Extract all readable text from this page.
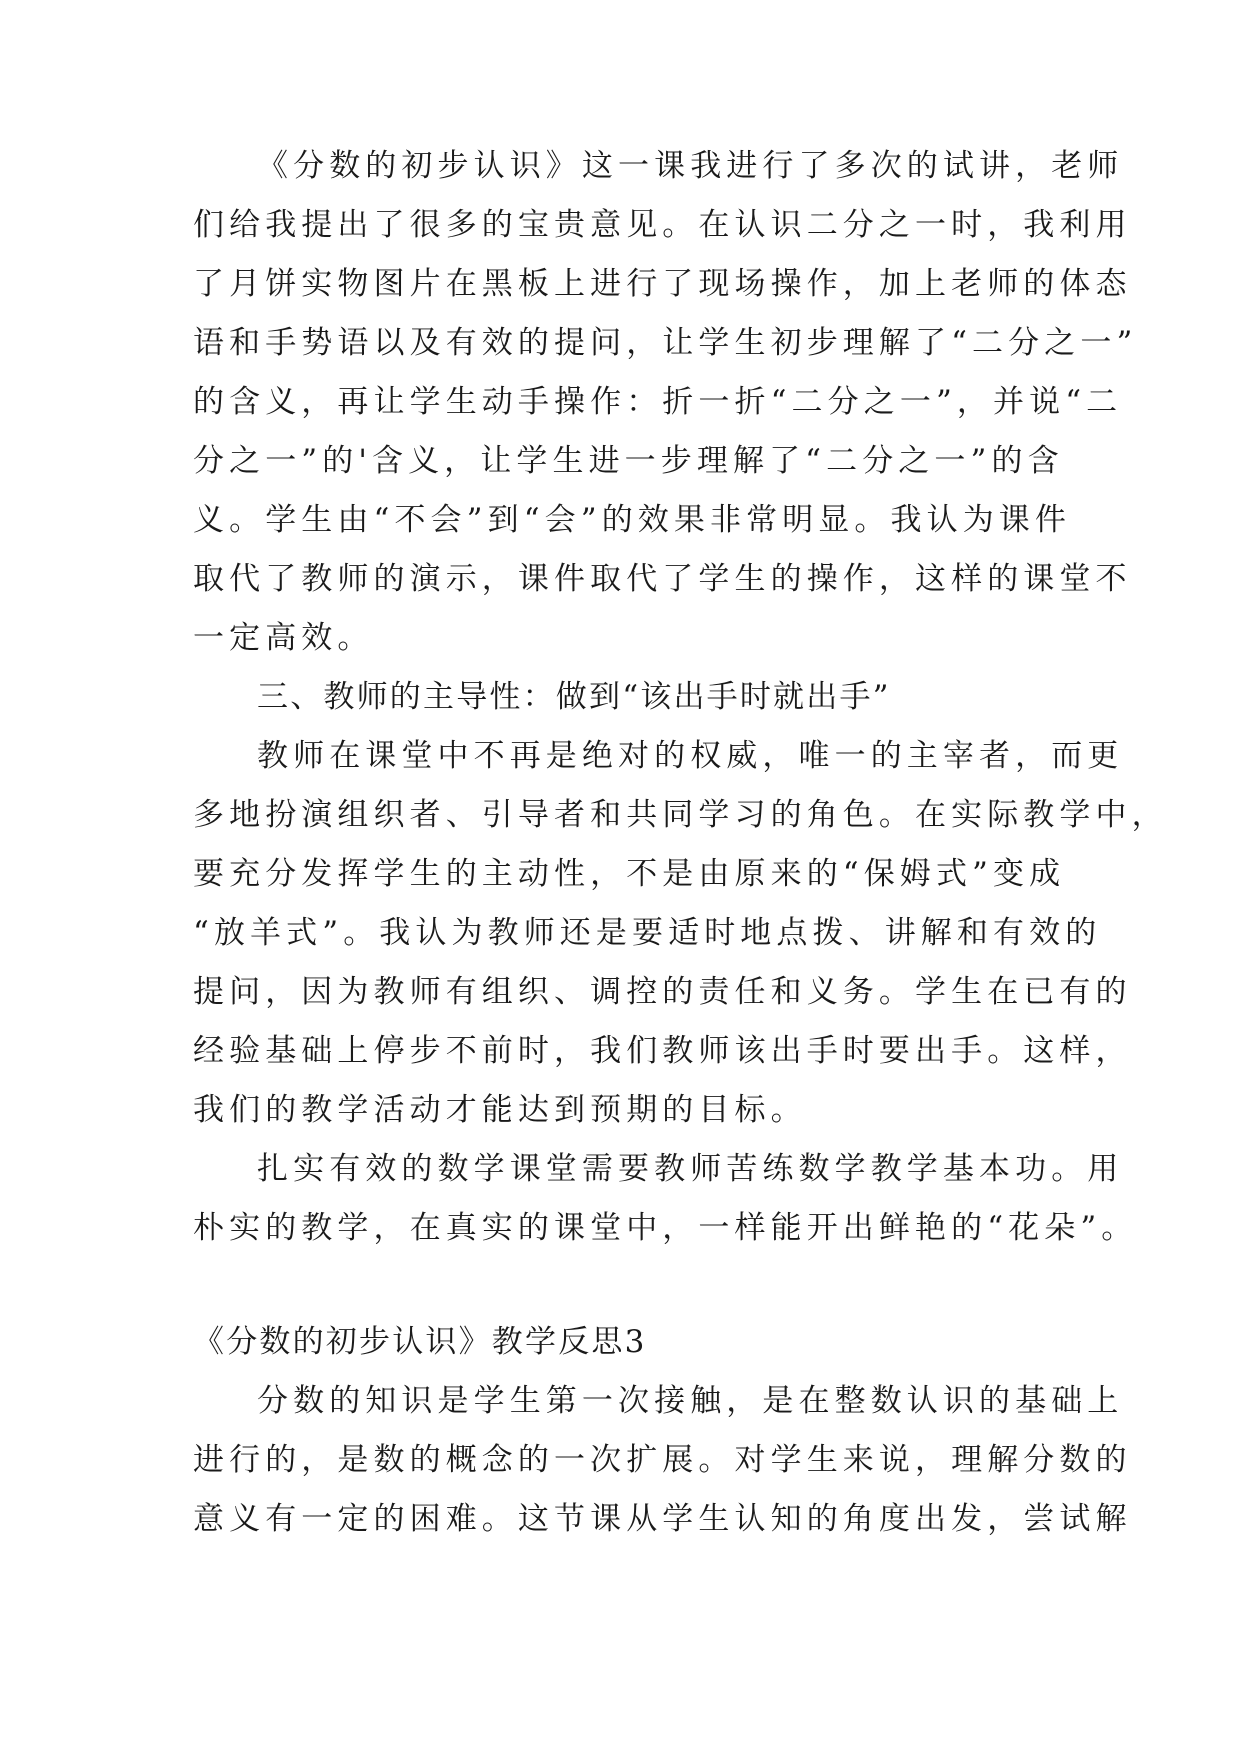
《分数的初步认识》这一课我进行了多次的试讲，老师
们给我提出了很多的宝贵意见。在认识二分之一时，我利用
了月饼实物图片在黑板上进行了现场操作，加上老师的体态
语和手势语以及有效的提问，让学生初步理解了“二分之一”
的含义，再让学生动手操作：折一折“二分之一”，并说“二
分之一”的'含义，让学生进一步理解了“二分之一”的含
义。学生由“不会”到“会”的效果非常明显。我认为课件
取代了教师的演示，课件取代了学生的操作，这样的课堂不
一定高效。
三、教师的主导性：做到“该出手时就出手”
教师在课堂中不再是绝对的权威，唯一的主宰者，而更
多地扮演组织者、引导者和共同学习的角色。在实际教学中，
要充分发挥学生的主动性，不是由原来的“保姆式”变成
“放羊式”。我认为教师还是要适时地点拨、讲解和有效的
提问，因为教师有组织、调控的责任和义务。学生在已有的
经验基础上停步不前时，我们教师该出手时要出手。这样，
我们的教学活动才能达到预期的目标。
扎实有效的数学课堂需要教师苦练数学教学基本功。用
朴实的教学，在真实的课堂中，一样能开出鲜艳的“花朵”。
《分数的初步认识》教学反思3
分数的知识是学生第一次接触，是在整数认识的基础上
进行的，是数的概念的一次扩展。对学生来说，理解分数的
意义有一定的困难。这节课从学生认知的角度出发，尝试解
